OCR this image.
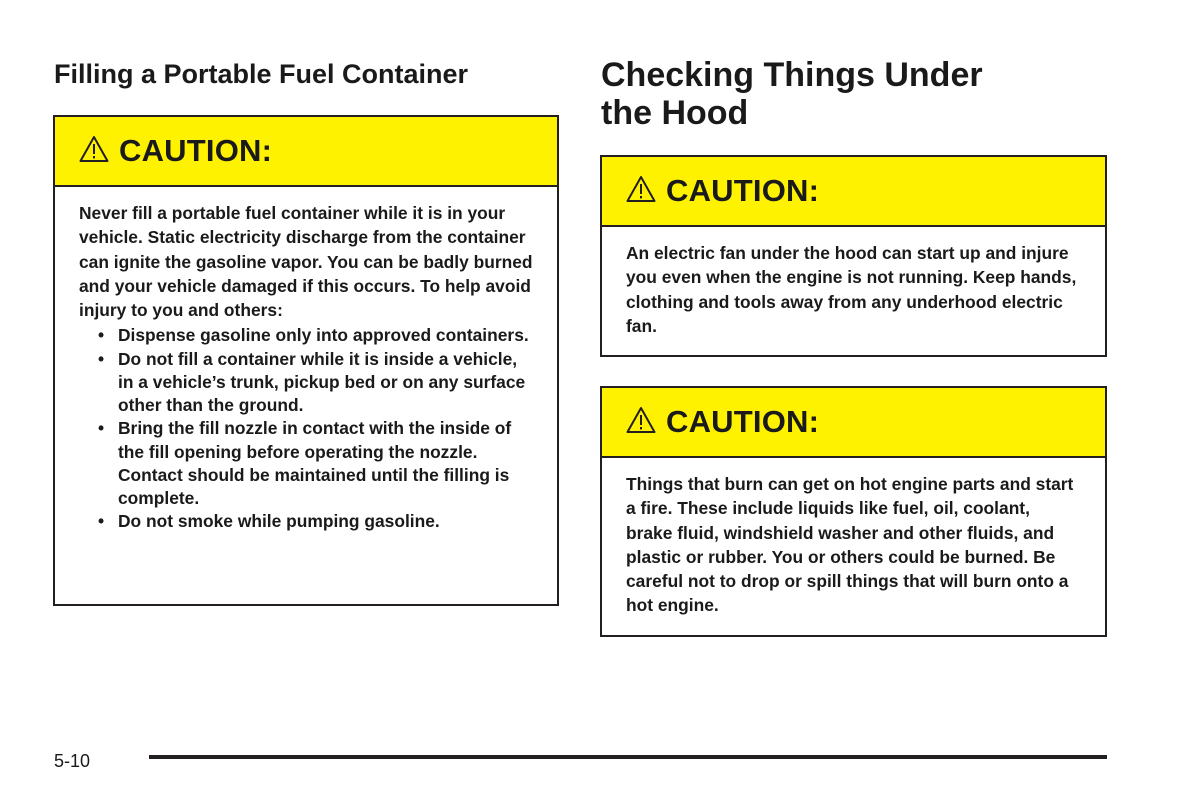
Filling a Portable Fuel Container
CAUTION:

Never fill a portable fuel container while it is in your vehicle. Static electricity discharge from the container can ignite the gasoline vapor. You can be badly burned and your vehicle damaged if this occurs. To help avoid injury to you and others:

• Dispense gasoline only into approved containers.
• Do not fill a container while it is inside a vehicle, in a vehicle’s trunk, pickup bed or on any surface other than the ground.
• Bring the fill nozzle in contact with the inside of the fill opening before operating the nozzle. Contact should be maintained until the filling is complete.
• Do not smoke while pumping gasoline.
Checking Things Under
the Hood
CAUTION:

An electric fan under the hood can start up and injure you even when the engine is not running. Keep hands, clothing and tools away from any underhood electric fan.

CAUTION:

Things that burn can get on hot engine parts and start a fire. These include liquids like fuel, oil, coolant, brake fluid, windshield washer and other fluids, and plastic or rubber. You or others could be burned. Be careful not to drop or spill things that will burn onto a hot engine.

5-10
